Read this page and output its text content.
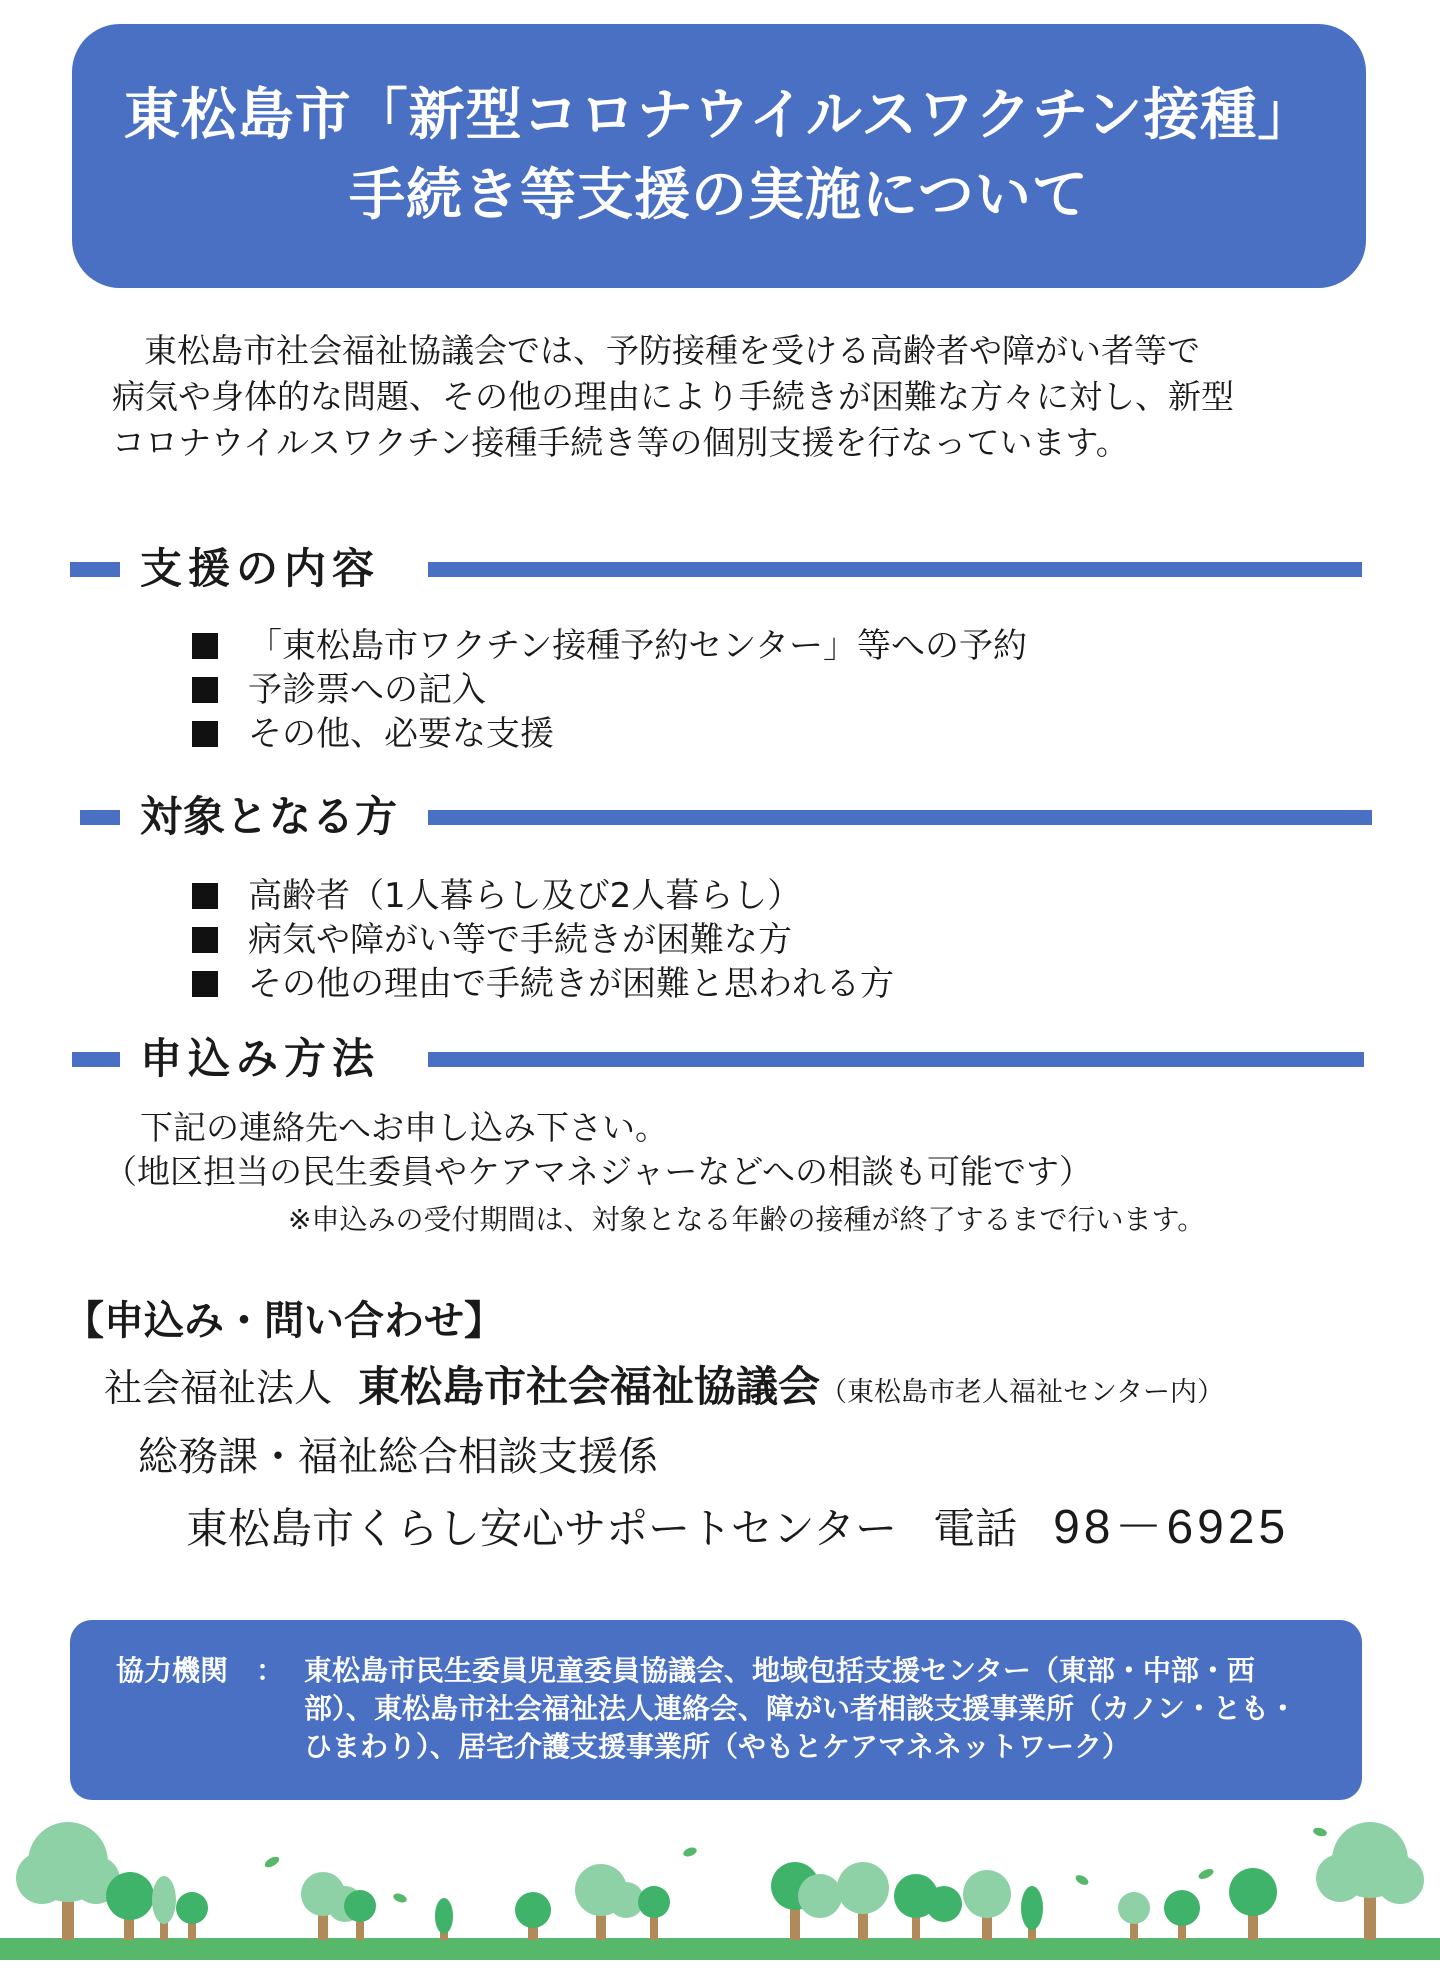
東松島市「新型コロナウイルスワクチン接種」
手続き等支援の実施について

東松島市社会福祉協議会では、予防接種を受ける高齢者や障がい者等で

病気や身体的な問題、その他の理由により手続きが困難な方々に対し、新型

コロナウイルスワクチン接種手続き等の個別支援を行なっています。

支援の内容
「東松島市ワクチン接種予約センター」等への予約
予診票への記入
その他、必要な支援
対象となる方
高齢者（1人暮らし及び2人暮らし）
病気や障がい等で手続きが困難な方
その他の理由で手続きが困難と思われる方
申込み方法
下記の連絡先へお申し込み下さい。
（地区担当の民生委員やケアマネジャーなどへの相談も可能です）
※申込みの受付期間は、対象となる年齢の接種が終了するまで行います。
【申込み・問い合わせ】
社会福祉法人 東松島市社会福祉協議会（東松島市老人福祉センター内）
総務課・福祉総合相談支援係
東松島市くらし安心サポートセンター 電話 98－6925
協力機関　： 東松島市民生委員児童委員協議会、地域包括支援センター（東部・中部・西
部）、東松島市社会福祉法人連絡会、障がい者相談支援事業所（カノン・とも・
ひまわり）、居宅介護支援事業所（やもとケアマネネットワーク）
